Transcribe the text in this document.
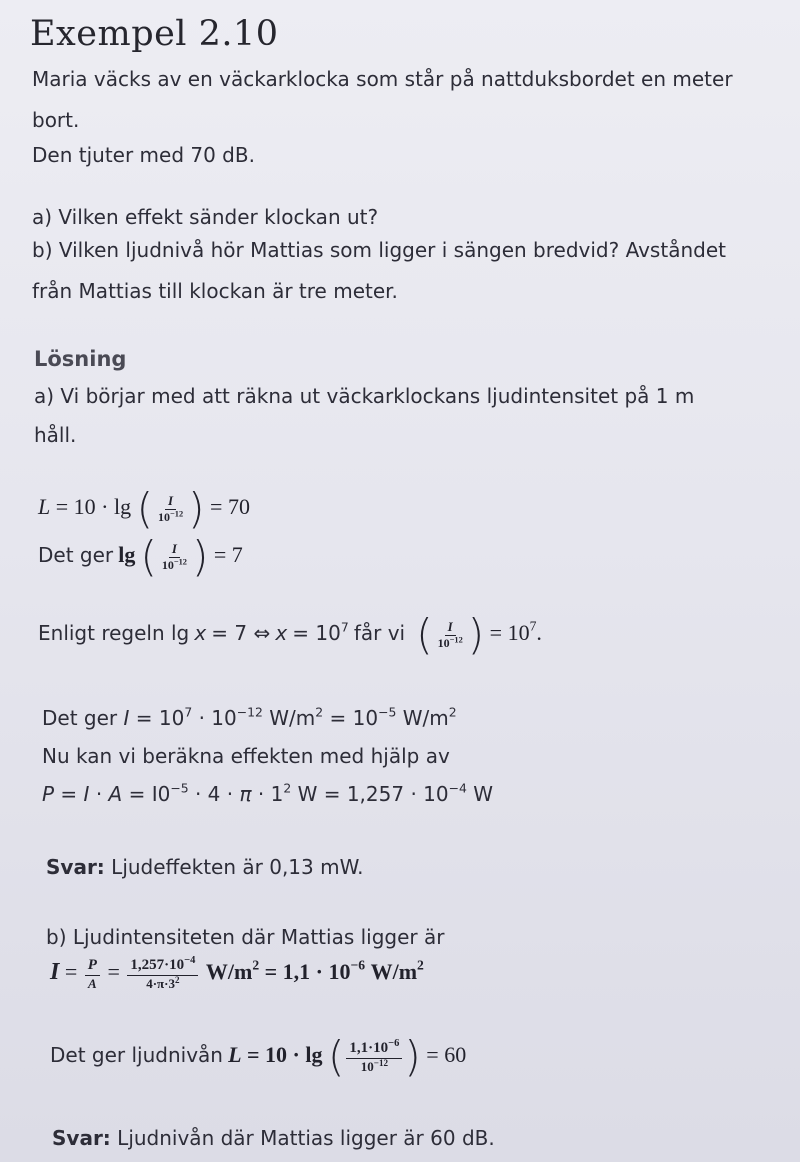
Exempel 2.10
Maria väcks av en väckarklocka som står på nattduksbordet en meter
bort.
Den tjuter med 70 dB.
a) Vilken effekt sänder klockan ut?
b) Vilken ljudnivå hör Mattias som ligger i sängen bredvid? Avståndet
från Mattias till klockan är tre meter.
Lösning
a) Vi börjar med att räkna ut väckarklockans ljudintensitet på 1 m
håll.
L = 10 · lg ( $\frac{I}{10^{-12}}$ ) = 70
Det ger lg ( $\frac{I}{10^{-12}}$ ) = 7
Enligt regeln lg x = 7 ⇔ $x = 10^7$ får vi ( $\frac{I}{10^{-12}}$ ) = $10^7$.
Det ger $I = 10^7 \cdot 10^{-12}$ $W/m^2 = 10^{-5}$ $W/m^2$
Nu kan vi beräkna effekten med hjälp av
$P = I \cdot A = I0^{-5} \cdot 4 \cdot \pi \cdot 1^2$ $W = 1,257 \cdot 10^{-4}$ W
Svar: Ljudeffekten är 0,13 mW.
b) Ljudintensiteten där Mattias ligger är
$I = \frac{P}{A} = \frac{1,257\cdot 10^{-4}}{4\cdot\pi\cdot 3^2} W/m^2 = 1,1 \cdot 10^{-6}$ $W/m^2$
Det ger ljudnivån L = 10 · lg ( $\frac{1,1\cdot 10^{-6}}{10^{-12}}$ ) = 60
Svar: Ljudnivån där Mattias ligger är 60 dB.
